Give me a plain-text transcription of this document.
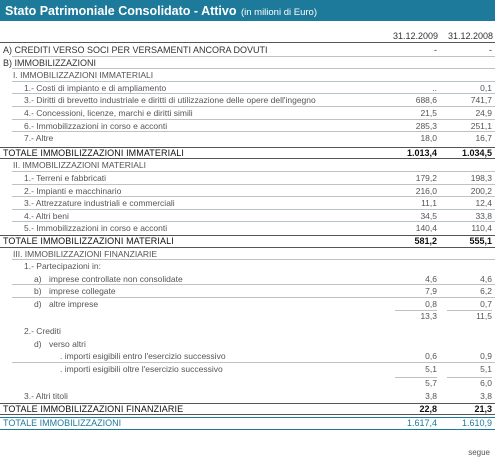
Stato Patrimoniale Consolidato - Attivo (in milioni di Euro)
31.12.2009	31.12.2008
A) CREDITI VERSO SOCI PER VERSAMENTI ANCORA DOVUTI	-	-
B) IMMOBILIZZAZIONI
I. IMMOBILIZZAZIONI IMMATERIALI
1.- Costi di impianto e di ampliamento	..	0,1
3.- Diritti di brevetto industriale e diritti di utilizzazione delle opere dell'ingegno	688,6	741,7
4.- Concessioni, licenze, marchi e diritti simili	21,5	24,9
6.- Immobilizzazioni in corso e acconti	285,3	251,1
7.- Altre	18,0	16,7
TOTALE IMMOBILIZZAZIONI IMMATERIALI	1.013,4	1.034,5
II. IMMOBILIZZAZIONI MATERIALI
1.- Terreni e fabbricati	179,2	198,3
2.- Impianti e macchinario	216,0	200,2
3.- Attrezzature industriali e commerciali	11,1	12,4
4.- Altri beni	34,5	33,8
5.- Immobilizzazioni in corso e acconti	140,4	110,4
TOTALE IMMOBILIZZAZIONI MATERIALI	581,2	555,1
III. IMMOBILIZZAZIONI FINANZIARIE
1.- Partecipazioni in:
a) imprese controllate non consolidate	4,6	4,6
b) imprese collegate	7,9	6,2
d) altre imprese	0,8	0,7
13,3	11,5
2.- Crediti
d) verso altri
. importi esigibili entro l'esercizio successivo	0,6	0,9
. importi esigibili oltre l'esercizio successivo	5,1	5,1
5,7	6,0
3.- Altri titoli	3,8	3,8
TOTALE IMMOBILIZZAZIONI FINANZIARIE	22,8	21,3
TOTALE IMMOBILIZZAZIONI	1.617,4	1.610,9
segue
